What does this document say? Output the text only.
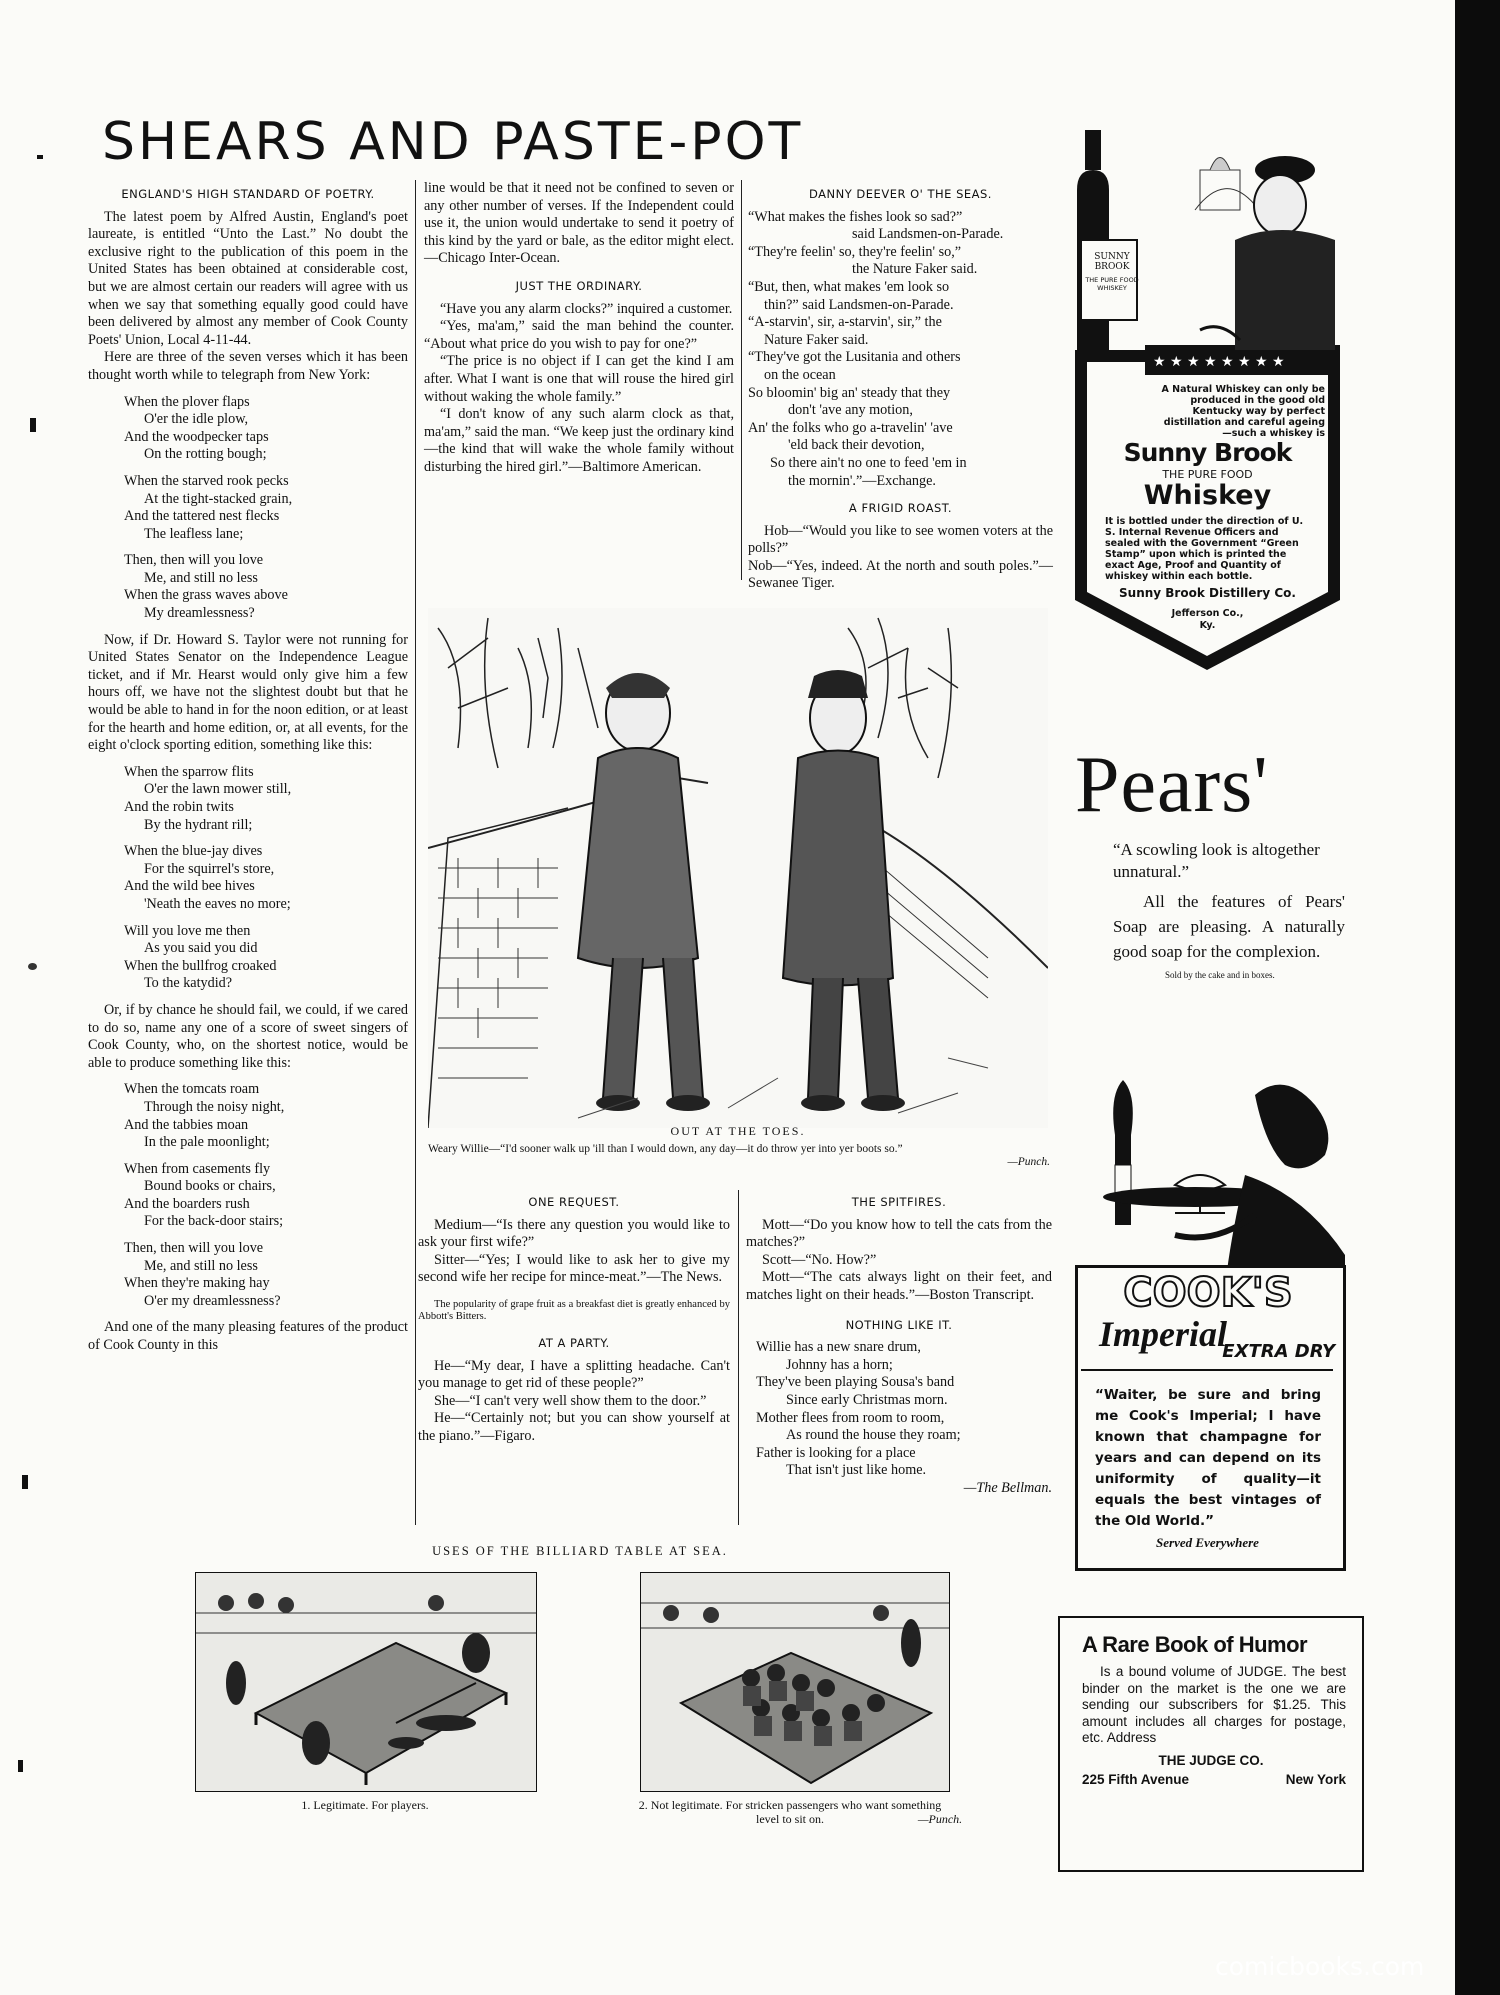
SHEARS AND PASTE-POT
ENGLAND'S HIGH STANDARD OF POETRY.

The latest poem by Alfred Austin, England's poet laureate, is entitled “Unto the Last.” No doubt the exclusive right to the publication of this poem in the United States has been obtained at considerable cost, but we are almost certain our readers will agree with us when we say that something equally good could have been delivered by almost any member of Cook County Poets' Union, Local 4-11-44.

Here are three of the seven verses which it has been thought worth while to telegraph from New York:

When the plover flaps
O'er the idle plow,
And the woodpecker taps
On the rotting bough;
When the starved rook pecks
At the tight-stacked grain,
And the tattered nest flecks
The leafless lane;
Then, then will you love
Me, and still no less
When the grass waves above
My dreamlessness?

Now, if Dr. Howard S. Taylor were not running for United States Senator on the Independence League ticket, and if Mr. Hearst would only give him a few hours off, we have not the slightest doubt but that he would be able to hand in for the noon edition, or at least for the hearth and home edition, or, at all events, for the eight o'clock sporting edition, something like this:

When the sparrow flits
O'er the lawn mower still,
And the robin twits
By the hydrant rill;
When the blue-jay dives
For the squirrel's store,
And the wild bee hives
'Neath the eaves no more;
Will you love me then
As you said you did
When the bullfrog croaked
To the katydid?

Or, if by chance he should fail, we could, if we cared to do so, name any one of a score of sweet singers of Cook County, who, on the shortest notice, would be able to produce something like this:

When the tomcats roam
Through the noisy night,
And the tabbies moan
In the pale moonlight;
When from casements fly
Bound books or chairs,
And the boarders rush
For the back-door stairs;
Then, then will you love
Me, and still no less
When they're making hay
O'er my dreamlessness?

And one of the many pleasing features of the product of Cook County in this

line would be that it need not be confined to seven or any other number of verses. If the Independent could use it, the union would undertake to send it poetry of this kind by the yard or bale, as the editor might elect.—Chicago Inter-Ocean.

JUST THE ORDINARY.

“Have you any alarm clocks?” inquired a customer.

“Yes, ma'am,” said the man behind the counter. “About what price do you wish to pay for one?”

“The price is no object if I can get the kind I am after. What I want is one that will rouse the hired girl without waking the whole family.”

“I don't know of any such alarm clock as that, ma'am,” said the man. “We keep just the ordinary kind—the kind that will wake the whole family without disturbing the hired girl.”—Baltimore American.

DANNY DEEVER O' THE SEAS.
“What makes the fishes look so sad?”
said Landsmen-on-Parade.
“They're feelin' so, they're feelin' so,”
the Nature Faker said.
“But, then, what makes 'em look so
thin?” said Landsmen-on-Parade.
“A-starvin', sir, a-starvin', sir,” the
Nature Faker said.
“They've got the Lusitania and others
on the ocean
So bloomin' big an' steady that they
don't 'ave any motion,
An' the folks who go a-travelin' 'ave
'eld back their devotion,
So there ain't no one to feed 'em in
the mornin'.”—Exchange.
A FRIGID ROAST.

Hob—“Would you like to see women voters at the polls?”

Nob—“Yes, indeed. At the north and south poles.”—Sewanee Tiger.

OUT AT THE TOES.
Weary Willie—“I'd sooner walk up 'ill than I would down, any day—it do throw yer into yer boots so.”
—Punch.
ONE REQUEST.

Medium—“Is there any question you would like to ask your first wife?”

Sitter—“Yes; I would like to ask her to give my second wife her recipe for mince-meat.”—The News.

The popularity of grape fruit as a breakfast diet is greatly enhanced by Abbott's Bitters.

AT A PARTY.

He—“My dear, I have a splitting headache. Can't you manage to get rid of these people?”

She—“I can't very well show them to the door.”

He—“Certainly not; but you can show yourself at the piano.”—Figaro.

THE SPITFIRES.

Mott—“Do you know how to tell the cats from the matches?”

Scott—“No. How?”

Mott—“The cats always light on their feet, and matches light on their heads.”—Boston Transcript.

NOTHING LIKE IT.
Willie has a new snare drum,
Johnny has a horn;
They've been playing Sousa's band
Since early Christmas morn.
Mother flees from room to room,
As round the house they roam;
Father is looking for a place
That isn't just like home.
—The Bellman.
USES OF THE BILLIARD TABLE AT SEA.
1. Legitimate. For players.	2. Not legitimate. For stricken passengers who want something level to sit on.	—Punch.
★ ★ ★ ★ ★ ★ ★ ★
SUNNY BROOK
THE PURE FOOD WHISKEY
A Natural Whiskey can only be produced in the good old Kentucky way by perfect distillation and careful ageing—such a whiskey is
Sunny Brook
THE PURE FOOD
Whiskey
It is bottled under the direction of U. S. Internal Revenue Officers and sealed with the Government “Green Stamp” upon which is printed the exact Age, Proof and Quantity of whiskey within each bottle.
Sunny Brook Distillery Co.
Jefferson Co.,
Ky.
Pears'
“A scowling look is altogether unnatural.”
All the features of Pears' Soap are pleasing. A naturally good soap for the complexion.
Sold by the cake and in boxes.
COOK'S
Imperial
EXTRA DRY
“Waiter, be sure and bring me Cook's Imperial; I have known that champagne for years and can depend on its uniformity of quality—it equals the best vintages of the Old World.”
Served Everywhere
A Rare Book of Humor
Is a bound volume of JUDGE. The best binder on the market is the one we are sending our subscribers for $1.25. This amount includes all charges for postage, etc. Address
THE JUDGE CO.
225 Fifth Avenue	New York
comicbooks.com
